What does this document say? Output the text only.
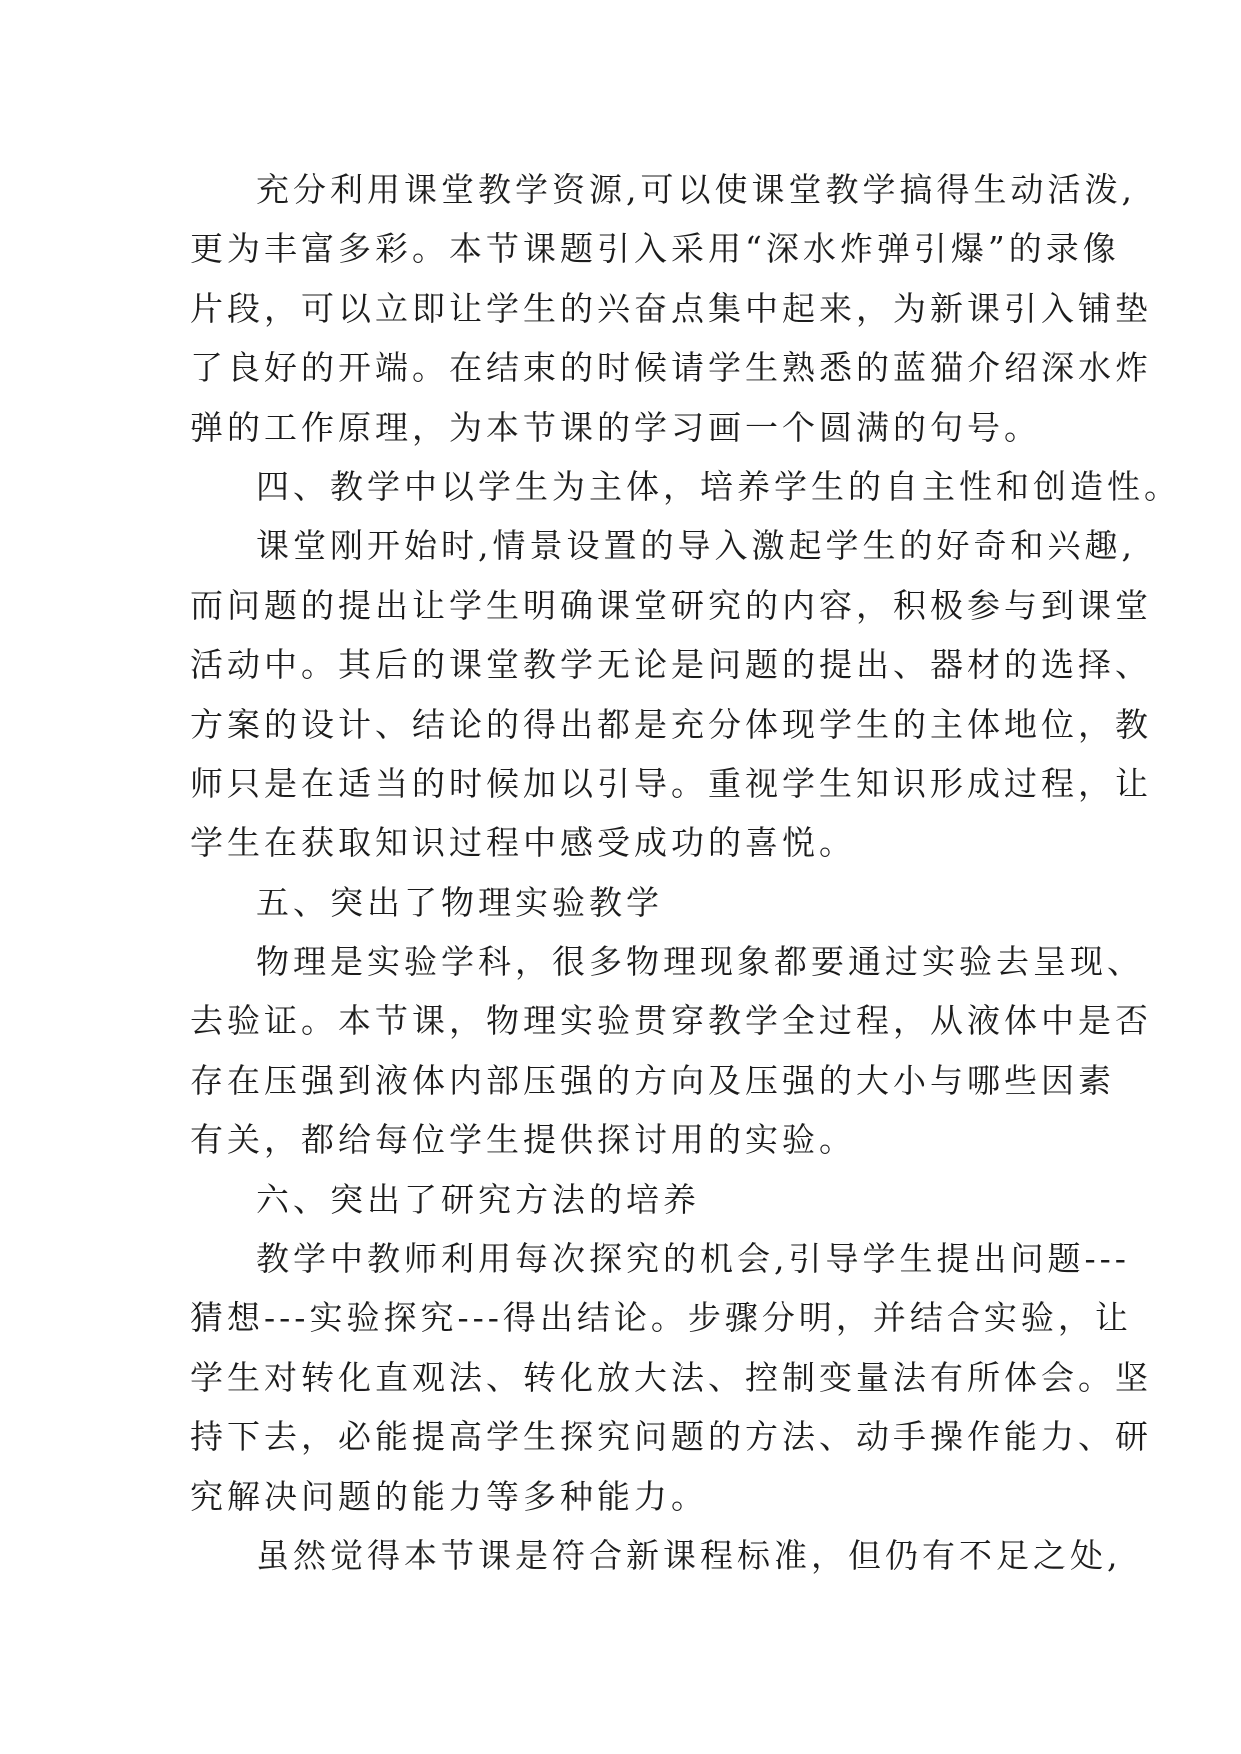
充分利用课堂教学资源,可以使课堂教学搞得生动活泼,
更为丰富多彩。本节课题引入采用“深水炸弹引爆”的录像
片段，可以立即让学生的兴奋点集中起来，为新课引入铺垫
了良好的开端。在结束的时候请学生熟悉的蓝猫介绍深水炸
弹的工作原理，为本节课的学习画一个圆满的句号。
四、教学中以学生为主体，培养学生的自主性和创造性。
课堂刚开始时,情景设置的导入激起学生的好奇和兴趣,
而问题的提出让学生明确课堂研究的内容，积极参与到课堂
活动中。其后的课堂教学无论是问题的提出、器材的选择、
方案的设计、结论的得出都是充分体现学生的主体地位，教
师只是在适当的时候加以引导。重视学生知识形成过程，让
学生在获取知识过程中感受成功的喜悦。
五、突出了物理实验教学
物理是实验学科，很多物理现象都要通过实验去呈现、
去验证。本节课，物理实验贯穿教学全过程，从液体中是否
存在压强到液体内部压强的方向及压强的大小与哪些因素
有关，都给每位学生提供探讨用的实验。
六、突出了研究方法的培养
教学中教师利用每次探究的机会,引导学生提出问题---
猜想---实验探究---得出结论。步骤分明，并结合实验，让
学生对转化直观法、转化放大法、控制变量法有所体会。坚
持下去，必能提高学生探究问题的方法、动手操作能力、研
究解决问题的能力等多种能力。
虽然觉得本节课是符合新课程标准，但仍有不足之处,
